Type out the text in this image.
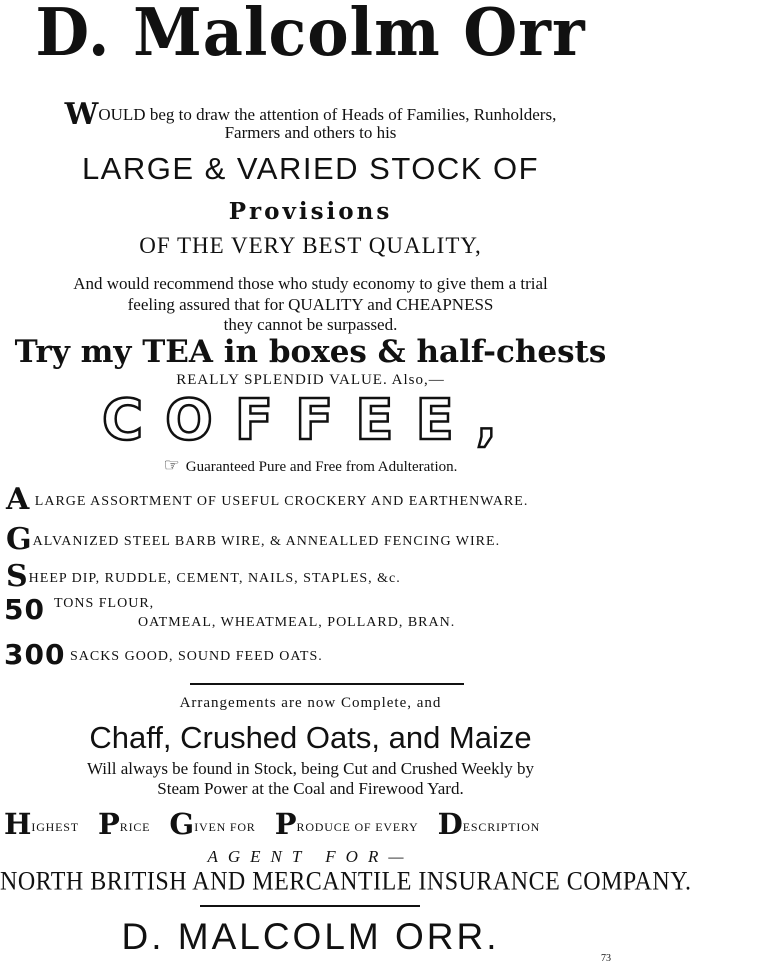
D. Malcolm Orr
WOULD beg to draw the attention of Heads of Families, Runholders,
Farmers and others to his
LARGE & VARIED STOCK OF
Provisions
OF THE VERY BEST QUALITY,
And would recommend those who study economy to give them a trial
feeling assured that for QUALITY and CHEAPNESS
they cannot be surpassed.
Try my TEA in boxes & half-chests
REALLY SPLENDID VALUE. Also,—
COFFEE,
☞ Guaranteed Pure and Free from Adulteration.
A LARGE ASSORTMENT OF USEFUL CROCKERY AND EARTHENWARE.
GALVANIZED STEEL BARB WIRE, & ANNEALLED FENCING WIRE.
SHEEP DIP, RUDDLE, CEMENT, NAILS, STAPLES, &c.
50 TONS FLOUR,
OATMEAL, WHEATMEAL, POLLARD, BRAN.
300 SACKS GOOD, SOUND FEED OATS.
Arrangements are now Complete, and
Chaff, Crushed Oats, and Maize
Will always be found in Stock, being Cut and Crushed Weekly by
Steam Power at the Coal and Firewood Yard.
HIGHEST PRICE GIVEN FOR PRODUCE OF EVERY DESCRIPTION
AGENT FOR—
NORTH BRITISH AND MERCANTILE INSURANCE COMPANY.
D. MALCOLM ORR.
73
